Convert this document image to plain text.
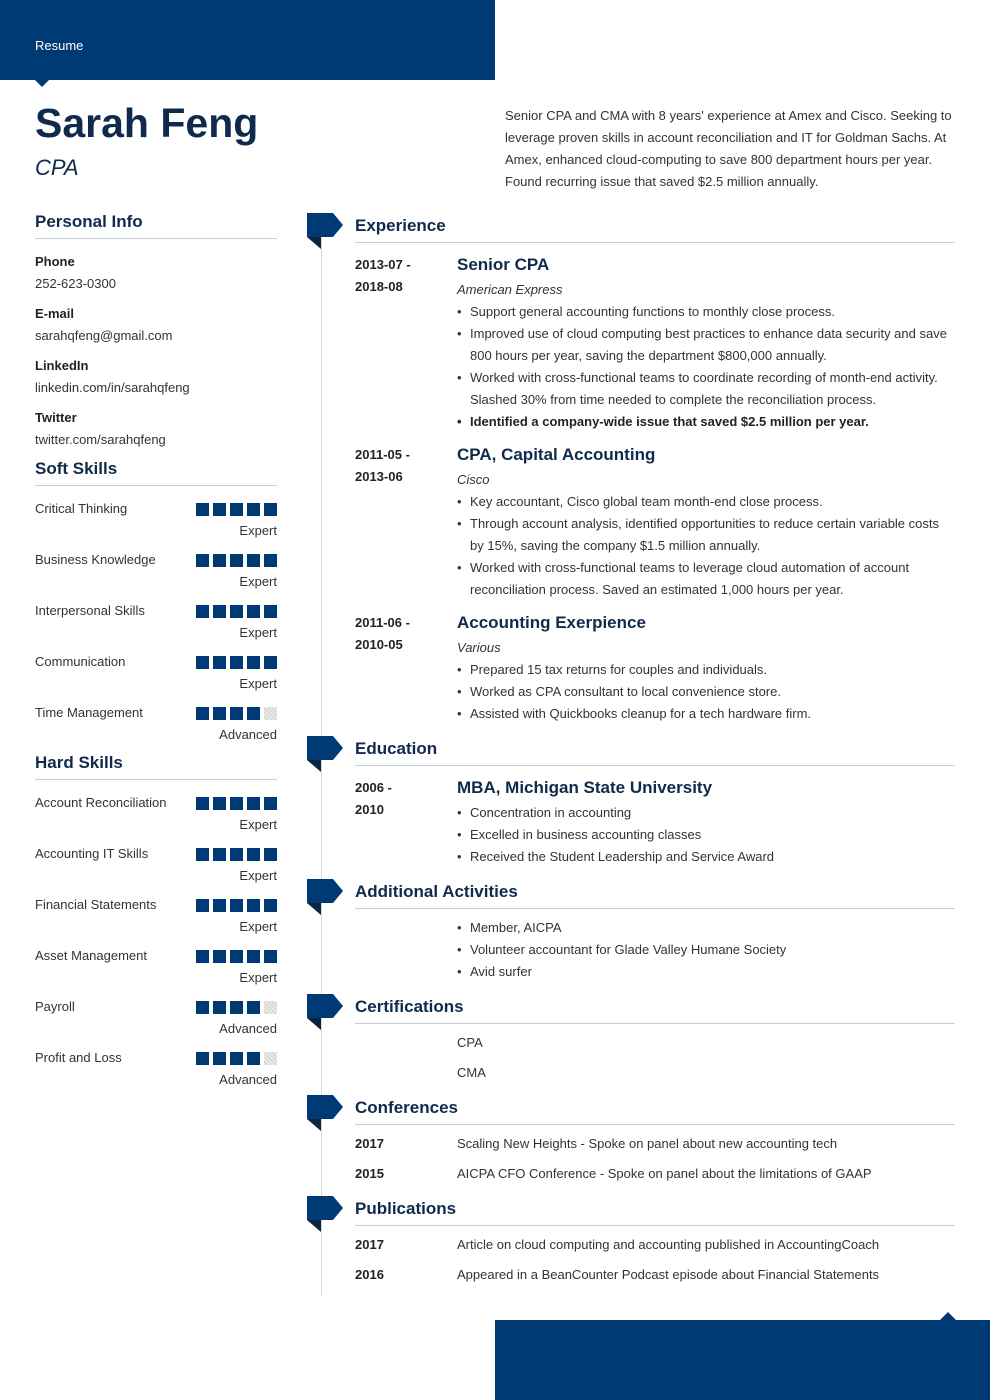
Resume
Sarah Feng
CPA
Senior CPA and CMA with 8 years' experience at Amex and Cisco. Seeking to leverage proven skills in account reconciliation and IT for Goldman Sachs. At Amex, enhanced cloud-computing to save 800 department hours per year. Found recurring issue that saved $2.5 million annually.
Personal Info
Phone
252-623-0300
E-mail
sarahqfeng@gmail.com
LinkedIn
linkedin.com/in/sarahqfeng
Twitter
twitter.com/sarahqfeng
Soft Skills
Critical Thinking
Expert
Business Knowledge
Expert
Interpersonal Skills
Expert
Communication
Expert
Time Management
Advanced
Hard Skills
Account Reconciliation
Expert
Accounting IT Skills
Expert
Financial Statements
Expert
Asset Management
Expert
Payroll
Advanced
Profit and Loss
Advanced
Experience
2013-07 -
2018-08
Senior CPA
American Express
• Support general accounting functions to monthly close process.
• Improved use of cloud computing best practices to enhance data security and save 800 hours per year, saving the department $800,000 annually.
• Worked with cross-functional teams to coordinate recording of month-end activity. Slashed 30% from time needed to complete the reconciliation process.
• Identified a company-wide issue that saved $2.5 million per year.
2011-05 -
2013-06
CPA, Capital Accounting
Cisco
• Key accountant, Cisco global team month-end close process.
• Through account analysis, identified opportunities to reduce certain variable costs by 15%, saving the company $1.5 million annually.
• Worked with cross-functional teams to leverage cloud automation of account reconciliation process. Saved an estimated 1,000 hours per year.
2011-06 -
2010-05
Accounting Exerpience
Various
• Prepared 15 tax returns for couples and individuals.
• Worked as CPA consultant to local convenience store.
• Assisted with Quickbooks cleanup for a tech hardware firm.
Education
2006 -
2010
MBA, Michigan State University
• Concentration in accounting
• Excelled in business accounting classes
• Received the Student Leadership and Service Award
Additional Activities
• Member, AICPA
• Volunteer accountant for Glade Valley Humane Society
• Avid surfer
Certifications
CPA
CMA
Conferences
2017	Scaling New Heights - Spoke on panel about new accounting tech
2015	AICPA CFO Conference - Spoke on panel about the limitations of GAAP
Publications
2017	Article on cloud computing and accounting published in AccountingCoach
2016	Appeared in a BeanCounter Podcast episode about Financial Statements
